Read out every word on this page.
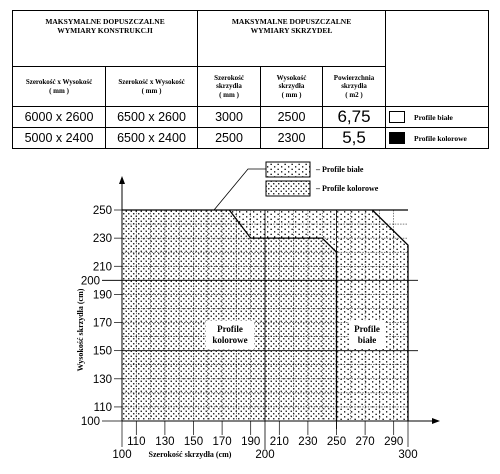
MAKSYMALNE DOPUSZCZALNE
WYMIARY KONSTRUKCJI		MAKSYMALNE DOPUSZCZALNE
WYMIARY SKRZYDEŁ			
Szerokość x Wysokość
( mm )	Szerokość x Wysokość
( mm )	Szerokość
skrzydła
( mm )	Wysokość
skrzydła
( mm )	Powierzchnia
skrzydła
( m2 )	
6000 x 2600	6500 x 2600	3000	2500	6,75	Profile białe

5000 x 2400	6500 x 2400	2500	2300	5,5	Profile kolorowe
110 130 150 170 190 210 230 250 270 290
100	200	300
250
230
210
190
170
150
130
110
100
200
Szerokość skrzydła (cm)
Wysokość skrzydła (cm)	Profile
kolorowe
Profile
białe
– Profile białe
– Profile kolorowe
